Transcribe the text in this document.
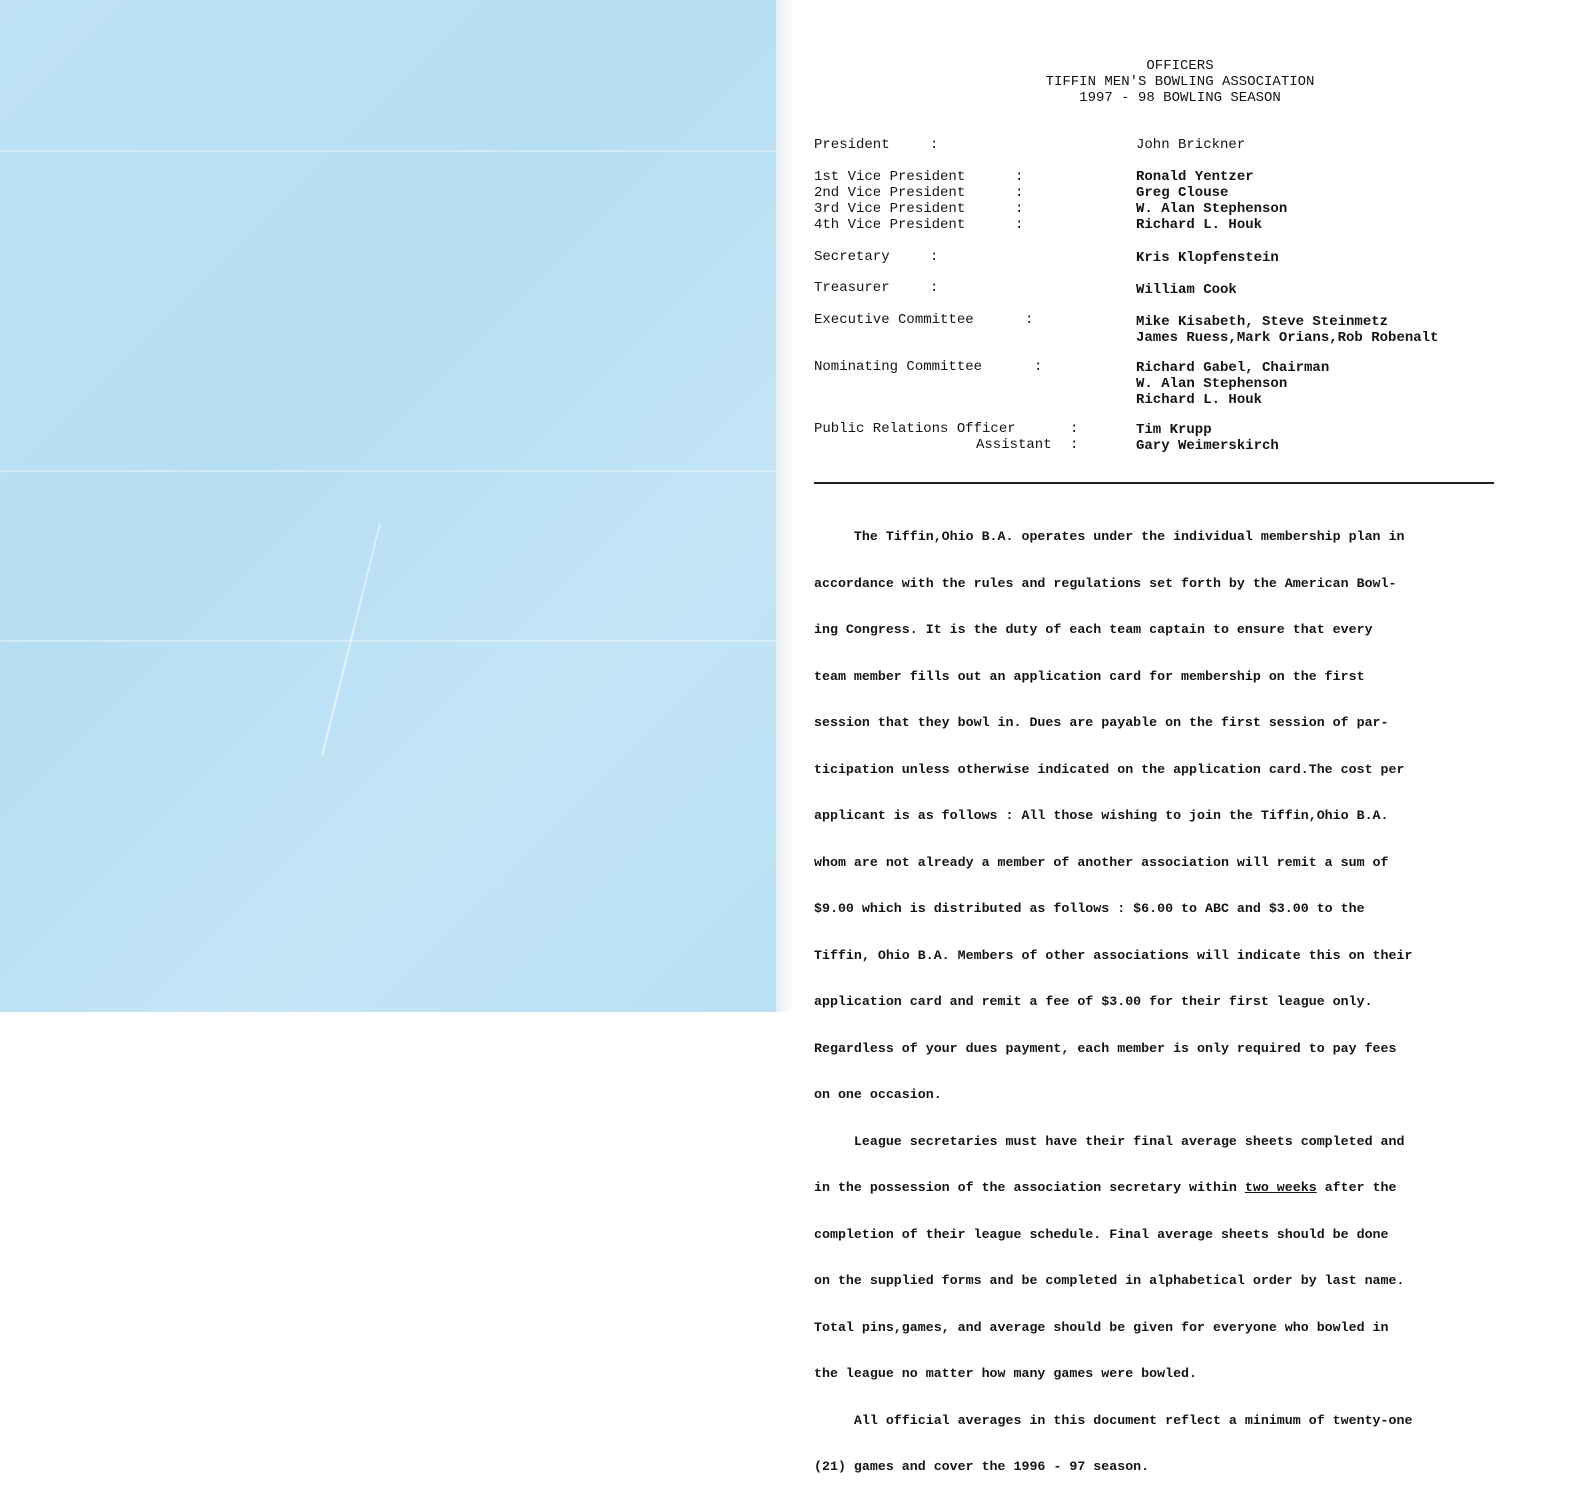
OFFICERS
TIFFIN MEN'S BOWLING ASSOCIATION
1997 - 98 BOWLING SEASON
President	:	John Brickner
1st Vice President	:	Ronald Yentzer
2nd Vice President	:	Greg Clouse
3rd Vice President	:	W. Alan Stephenson
4th Vice President	:	Richard L. Houk
Secretary	:	Kris Klopfenstein
Treasurer	:	William Cook
Executive Committee	:	Mike Kisabeth, Steve Steinmetz
James Ruess,Mark Orians,Rob Robenalt
Nominating Committee	:	Richard Gabel, Chairman
W. Alan Stephenson
Richard L. Houk
Public Relations Officer	:	Tim Krupp
Assistant :	Gary Weimerskirch

The Tiffin,Ohio B.A. operates under the individual membership plan in

accordance with the rules and regulations set forth by the American Bowl-

ing Congress. It is the duty of each team captain to ensure that every

team member fills out an application card for membership on the first

session that they bowl in. Dues are payable on the first session of par-

ticipation unless otherwise indicated on the application card.The cost per

applicant is as follows : All those wishing to join the Tiffin,Ohio B.A.

whom are not already a member of another association will remit a sum of

$9.00 which is distributed as follows : $6.00 to ABC and $3.00 to the

Tiffin, Ohio B.A. Members of other associations will indicate this on their

application card and remit a fee of $3.00 for their first league only.

Regardless of your dues payment, each member is only required to pay fees

on one occasion.

League secretaries must have their final average sheets completed and

in the possession of the association secretary within two weeks after the

completion of their league schedule. Final average sheets should be done

on the supplied forms and be completed in alphabetical order by last name.

Total pins,games, and average should be given for everyone who bowled in

the league no matter how many games were bowled.

All official averages in this document reflect a minimum of twenty-one

(21) games and cover the 1996 - 97 season.
